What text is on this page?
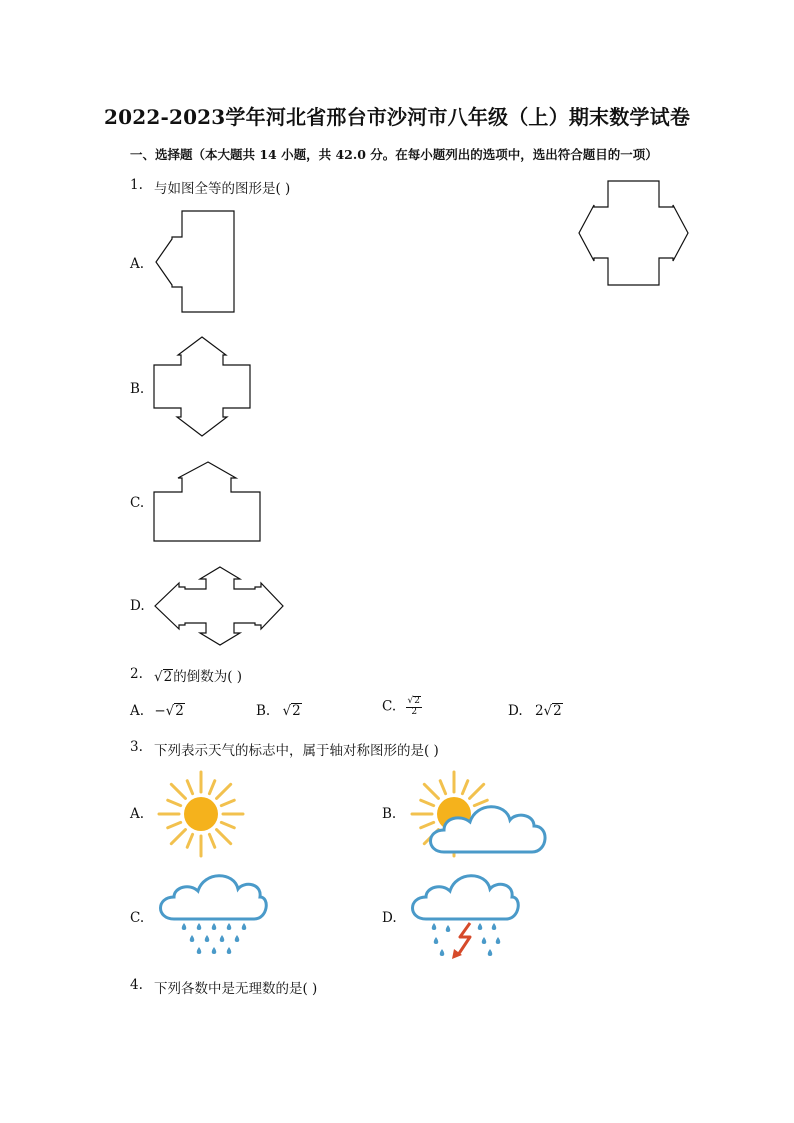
2022-2023学年河北省邢台市沙河市八年级（上）期末数学试卷
一、选择题（本大题共 14 小题，共 42.0 分。在每小题列出的选项中，选出符合题目的一项）
1. 与如图全等的图形是( )
A.
B.
C.
D.
2. √2的倒数为( )
A. −√2	B. √2	C. $\frac{√2}{2}$	D. 2√2
3. 下列表示天气的标志中，属于轴对称图形的是( )
A.	B.
C.	D.
4. 下列各数中是无理数的是( )
